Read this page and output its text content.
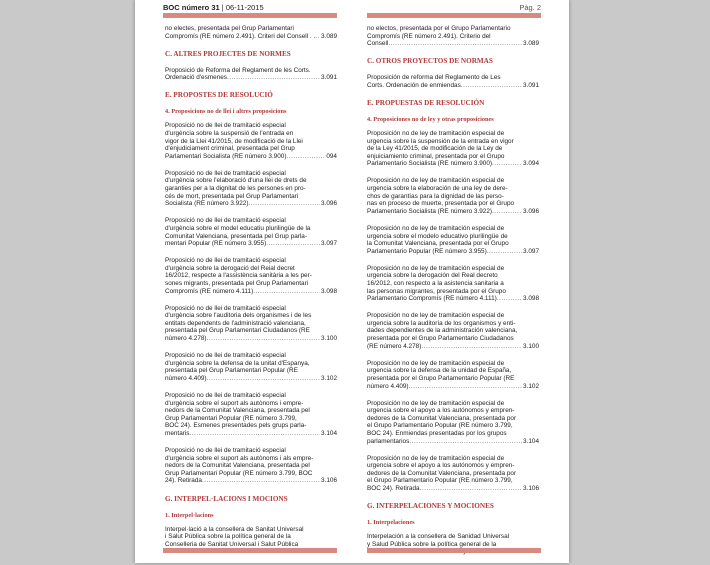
BOC número 31 | 06-11-2015	Pàg. 2
no electes, presentada pel Grup Parlamentari
Compromís (RE número 2.491). Criteri del Consell . . ..... 3.089
C. ALTRES PROJECTES DE NORMES
Proposició de Reforma del Reglament de les Corts.
Ordenació d'esmenes .....	3.091
E. PROPOSTES DE RESOLUCIÓ
4. Proposicions no de llei i altres proposicions
Proposició no de llei de tramitació especial
d'urgència sobre la suspensió de l'entrada en
vigor de la Llei 41/2015, de modificació de la Llei
d'enjudiciament criminal, presentada pel Grup
Parlamentari Socialista (RE número 3.900) .....	094
Proposició no de llei de tramitació especial
d'urgència sobre l'elaboració d'una llei de drets de
garanties per a la dignitat de les persones en pro-
cés de mort, presentada pel Grup Parlamentari
Socialista (RE número 3.922) .....	3.096
Proposició no de llei de tramitació especial
d'urgència sobre el model educatiu plurilingüe de la
Comunitat Valenciana, presentada pel Grup parla-
mentari Popular (RE número 3.955) .....	3.097
Proposició no de llei de tramitació especial
d'urgència sobre la derogació del Reial decret
16/2012, respecte a l'assistència sanitària a les per-
sones migrants, presentada pel Grup Parlamentari
Compromís (RE número 4.111) .....	3.098
Proposició no de llei de tramitació especial
d'urgència sobre l'auditoria dels organismes i de les
entitats dependents de l'administració valenciana,
presentada pel Grup Parlamentari Ciudadanos (RE
número 4.278) .....	3.100
Proposició no de llei de tramitació especial
d'urgència sobre la defensa de la unitat d'Espanya,
presentada pel Grup Parlamentari Popular (RE
número 4.409) .....	3.102
Proposició no de llei de tramitació especial
d'urgència sobre el suport als autònoms i empre-
nedors de la Comunitat Valenciana, presentada pel
Grup Parlamentari Popular (RE número 3.799,
BOC 24). Esmenes presentades pels grups parla-
mentaris .....	3.104
Proposició no de llei de tramitació especial
d'urgència sobre el suport als autònoms i als empre-
nedors de la Comunitat Valenciana, presentada pel
Grup Parlamentari Popular (RE número 3.799, BOC
24). Retirada .....	3.106
G. INTERPEL·LACIONS I MOCIONS
1. Interpel·lacions
Interpel·lació a la consellera de Sanitat Universal
i Salut Pública sobre la política general de la
Conselleria de Sanitat Universal i Salut Pública
no electos, presentada por el Grupo Parlamentario
Compromís (RE número 2.491). Criterio del
Consell .....	3.089
C. OTROS PROYECTOS DE NORMAS
Proposición de reforma del Reglamento de Les
Corts. Ordenación de enmiendas .....	3.091
E. PROPUESTAS DE RESOLUCIÓN
4. Proposiciones no de ley y otras proposiciones
Proposición no de ley de tramitación especial de
urgencia sobre la suspensión de la entrada en vigor
de la Ley 41/2015, de modificación de la Ley de
enjuiciamiento criminal, presentada por el Grupo
Parlamentario Socialista (RE número 3.900) .....	3.094
Proposición no de ley de tramitación especial de
urgencia sobre la elaboración de una ley de dere-
chos de garantías para la dignidad de las perso-
nas en proceso de muerte, presentada por el Grupo
Parlamentario Socialista (RE número 3.922) .....	3.096
Proposición no de ley de tramitación especial de
urgencia sobre el modelo educativo plurilingüe de
la Comunitat Valenciana, presentada por el Grupo
Parlamentario Popular (RE número 3.955) .....	3.097
Proposición no de ley de tramitación especial de
urgencia sobre la derogación del Real decreto
16/2012, con respecto a la asistencia sanitaria a
las personas migrantes, presentada por el Grupo
Parlamentario Compromís (RE número 4.111) .....	3.098
Proposición no de ley de tramitación especial de
urgencia sobre la auditoría de los organismos y enti-
dades dependientes de la administración valenciana,
presentada por el Grupo Parlamentario Ciudadanos
(RE número 4.278) .....	3.100
Proposición no de ley de tramitación especial de
urgencia sobre la defensa de la unidad de España,
presentada por el Grupo Parlamentario Popular (RE
número 4.409) .....	3.102
Proposición no de ley de tramitación especial de
urgencia sobre el apoyo a los autónomos y empren-
dedores de la Comunitat Valenciana, presentada por
el Grupo Parlamentario Popular (RE número 3.799,
BOC 24). Enmiendas presentadas por los grupos
parlamentarios .....	3.104
Proposición no de ley de tramitación especial de
urgencia sobre el apoyo a los autónomos y empren-
dedores de la Comunitat Valenciana, presentada por
el Grupo Parlamentario Popular (RE número 3.799,
BOC 24). Retirada .....	3.106
G. INTERPELACIONES Y MOCIONES
1. Interpelaciones
Interpelación a la consellera de Sanidad Universal
y Salud Pública sobre la política general de la
